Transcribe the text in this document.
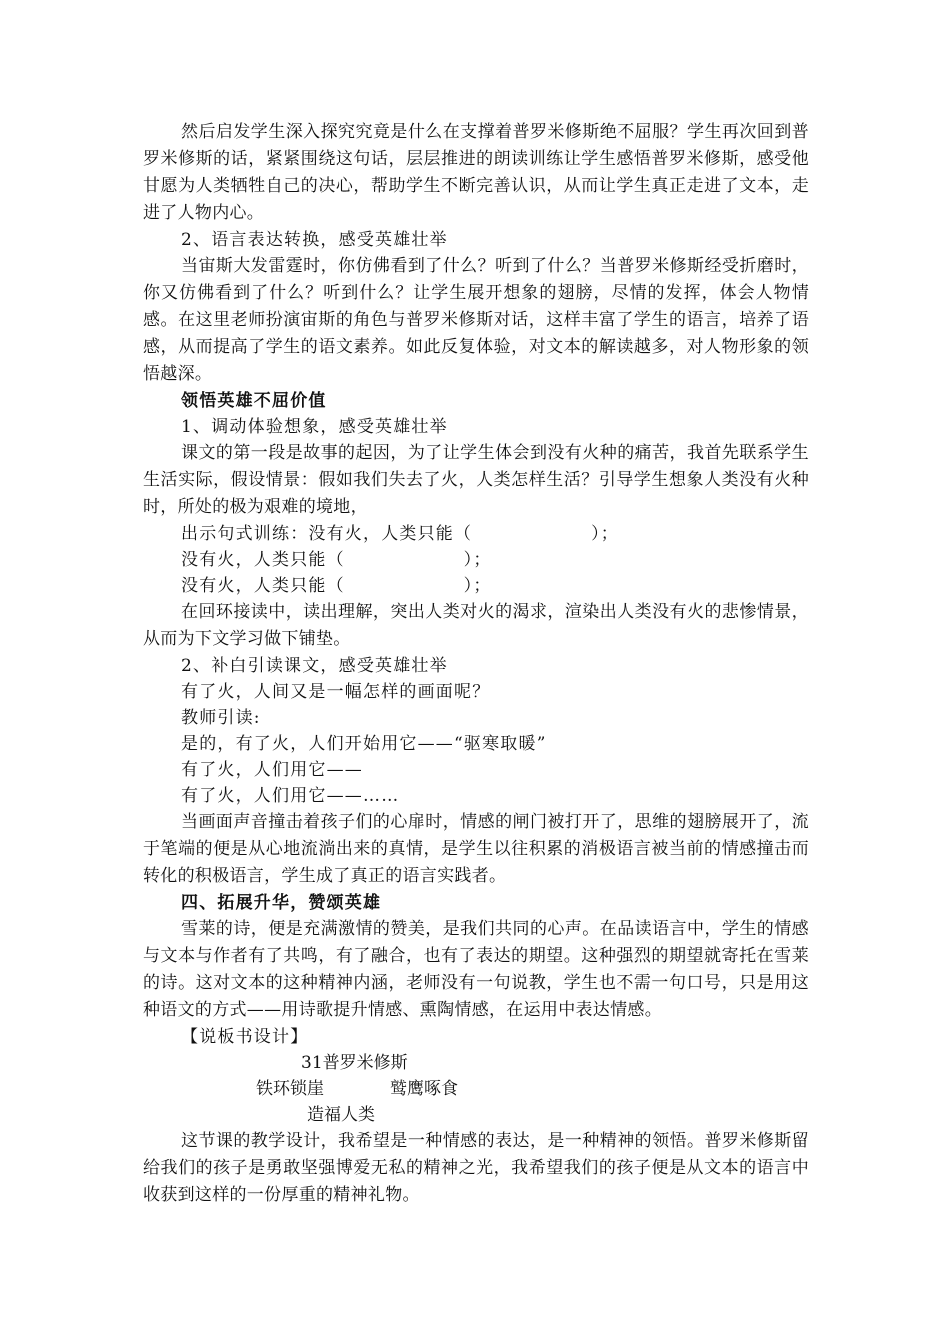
然后启发学生深入探究究竟是什么在支撑着普罗米修斯绝不屈服？学生再次回到普罗米修斯的话，紧紧围绕这句话，层层推进的朗读训练让学生感悟普罗米修斯，感受他甘愿为人类牺牲自己的决心，帮助学生不断完善认识，从而让学生真正走进了文本，走进了人物内心。

2、语言表达转换，感受英雄壮举

当宙斯大发雷霆时，你仿佛看到了什么？听到了什么？当普罗米修斯经受折磨时，你又仿佛看到了什么？听到什么？让学生展开想象的翅膀，尽情的发挥，体会人物情感。在这里老师扮演宙斯的角色与普罗米修斯对话，这样丰富了学生的语言，培养了语感，从而提高了学生的语文素养。如此反复体验，对文本的解读越多，对人物形象的领悟越深。

领悟英雄不屈价值
1、调动体验想象，感受英雄壮举

课文的第一段是故事的起因，为了让学生体会到没有火种的痛苦，我首先联系学生生活实际，假设情景：假如我们失去了火，人类怎样生活？引导学生想象人类没有火种时，所处的极为艰难的境地，

出示句式训练：没有火，人类只能（                  ）；
没有火，人类只能（                  ）；
没有火，人类只能（                  ）；

在回环接读中，读出理解，突出人类对火的渴求，渲染出人类没有火的悲惨情景，从而为下文学习做下铺垫。

2、补白引读课文，感受英雄壮举
有了火，人间又是一幅怎样的画面呢？
教师引读:
是的，有了火，人们开始用它——“驱寒取暖”
有了火，人们用它——
有了火，人们用它——……

当画面声音撞击着孩子们的心扉时，情感的闸门被打开了，思维的翅膀展开了，流于笔端的便是从心地流淌出来的真情，是学生以往积累的消极语言被当前的情感撞击而转化的积极语言，学生成了真正的语言实践者。

四、拓展升华，赞颂英雄

雪莱的诗，便是充满激情的赞美，是我们共同的心声。在品读语言中，学生的情感与文本与作者有了共鸣，有了融合，也有了表达的期望。这种强烈的期望就寄托在雪莱的诗。这对文本的这种精神内涵，老师没有一句说教，学生也不需一句口号，只是用这种语文的方式——用诗歌提升情感、熏陶情感，在运用中表达情感。

【说板书设计】
31普罗米修斯
铁环锁崖	鹫鹰啄食
造福人类

这节课的教学设计，我希望是一种情感的表达，是一种精神的领悟。普罗米修斯留给我们的孩子是勇敢坚强博爱无私的精神之光，我希望我们的孩子便是从文本的语言中收获到这样的一份厚重的精神礼物。
